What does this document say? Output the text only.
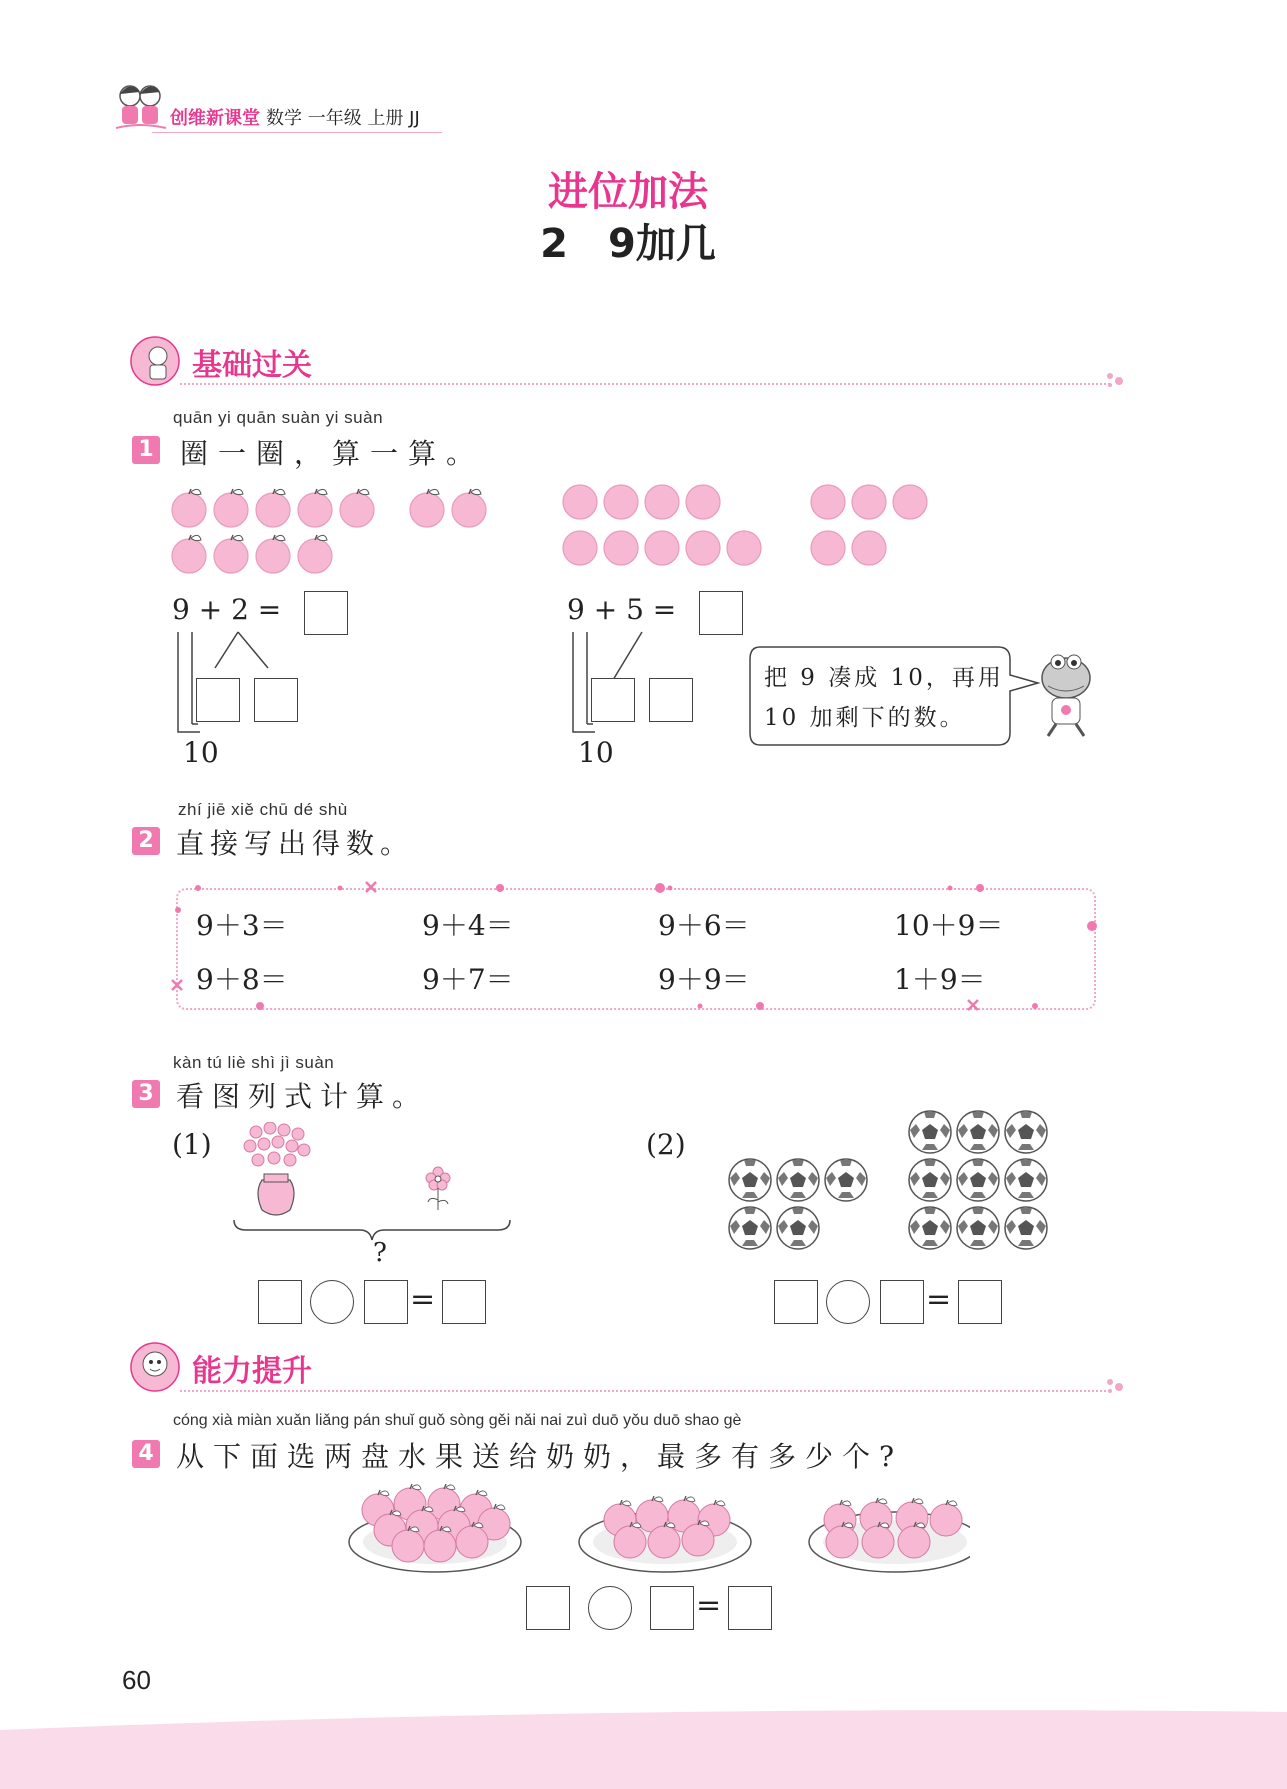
创维新课堂 数学 一年级 上册 JJ
进位加法
2　9加几
基础过关
quān yi quān suàn yi suàn
1 圈一圈，算一算。
9 + 2 =
10
9 + 5 =
10
把 9 凑成 10，再用 10 加剩下的数。
zhí jiē xiě chū dé shù
2 直接写出得数。
9＋3＝	9＋4＝	9＋6＝	10＋9＝
9＋8＝	9＋7＝	9＋9＝	1＋9＝
kàn tú liè shì jì suàn
3 看图列式计算。
(1)
?
=
(2)
=
能力提升
cóng xià miàn xuǎn liǎng pán shuǐ guǒ sòng gěi nǎi nai zuì duō yǒu duō shao gè
4 从下面选两盘水果送给奶奶，最多有多少个?
=
60
